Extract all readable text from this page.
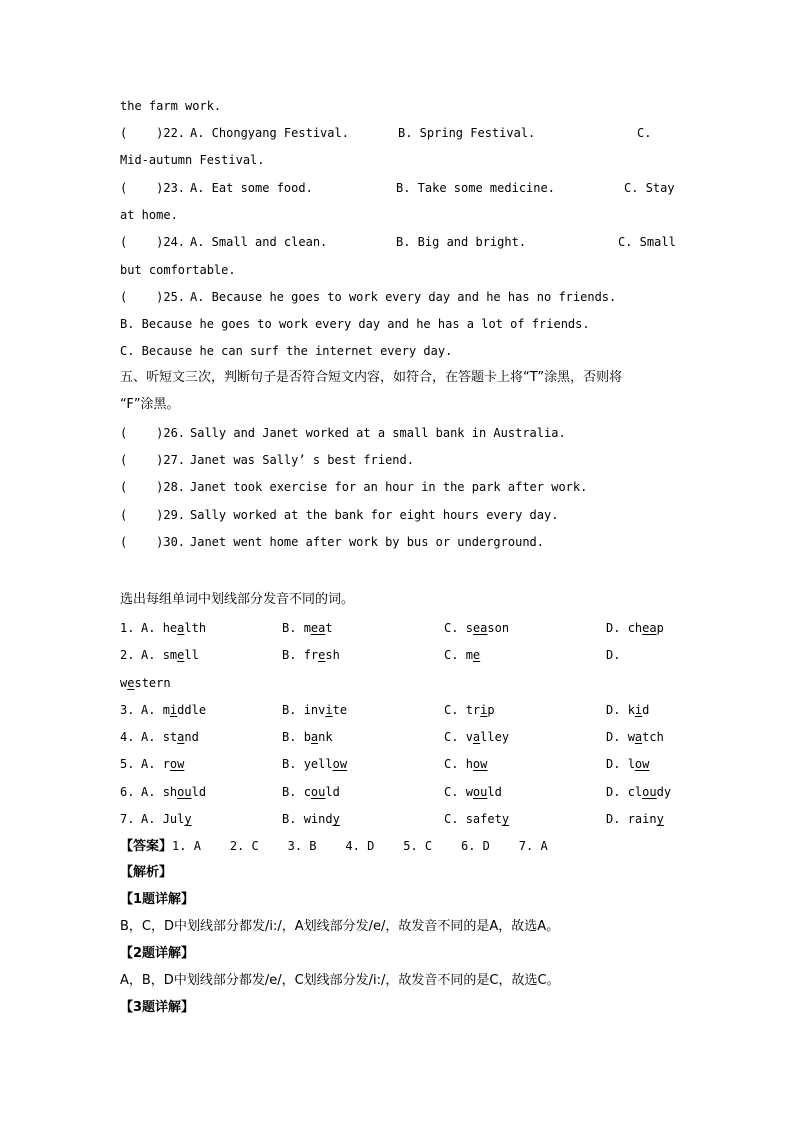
the farm work.
(    )22. A. Chongyang Festival.	B. Spring Festival.	C.
Mid-autumn Festival.
(    )23. A. Eat some food.	B. Take some medicine.	C. Stay
at home.
(    )24. A. Small and clean.	B. Big and bright.	C. Small
but comfortable.
(    )25. A. Because he goes to work every day and he has no friends.
B. Because he goes to work every day and he has a lot of friends.
C. Because he can surf the internet every day.
五、听短文三次，判断句子是否符合短文内容，如符合，在答题卡上将“T”涂黑，否则将
“F”涂黑。
(    )26. Sally and Janet worked at a small bank in Australia.
(    )27. Janet was Sally’ s best friend.
(    )28. Janet took exercise for an hour in the park after work.
(    )29. Sally worked at the bank for eight hours every day.
(    )30. Janet went home after work by bus or underground.
选出每组单词中划线部分发音不同的词。
1. A. health	B. meat	C. season	D. cheap
2. A. smell	B. fresh	C. me	D.
western
3. A. middle	B. invite	C. trip	D. kid
4. A. stand	B. bank	C. valley	D. watch
5. A. row	B. yellow	C. how	D. low
6. A. should	B. could	C. would	D. cloudy
7. A. July	B. windy	C. safety	D. rainy
【答案】1. A    2. C    3. B    4. D    5. C    6. D    7. A
【解析】
【1题详解】
B，C，D中划线部分都发/i:/，A划线部分发/e/，故发音不同的是A，故选A。
【2题详解】
A，B，D中划线部分都发/e/，C划线部分发/i:/，故发音不同的是C，故选C。
【3题详解】
